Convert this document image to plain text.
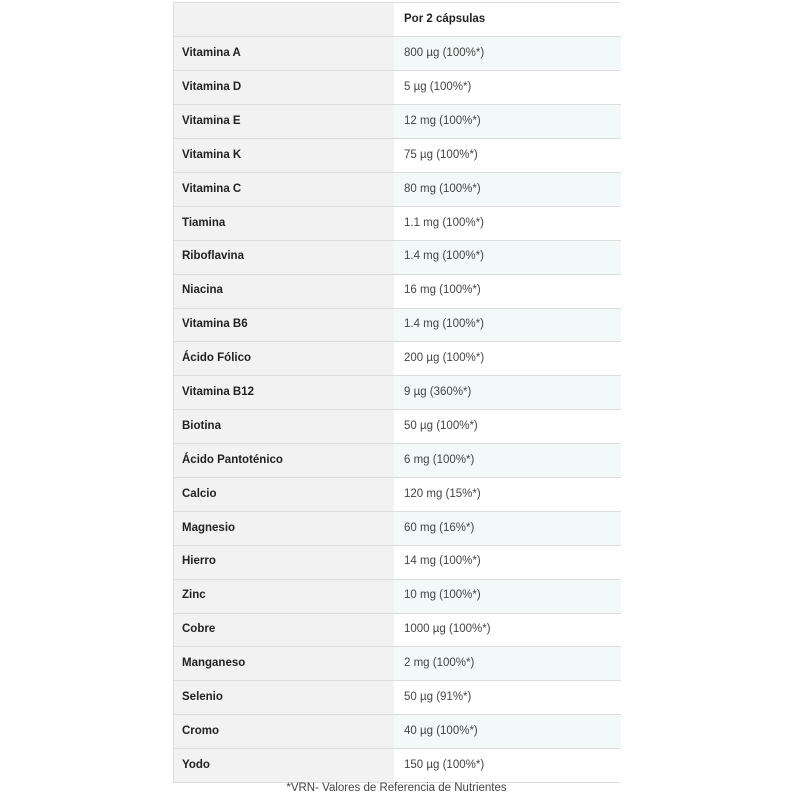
	Por 2 cápsulas
Vitamina A	800 µg (100%*)
Vitamina D	5 µg (100%*)
Vitamina E	12 mg (100%*)
Vitamina K	75 µg (100%*)
Vitamina C	80 mg (100%*)
Tiamina	1.1 mg (100%*)
Riboflavina	1.4 mg (100%*)
Niacina	16 mg (100%*)
Vitamina B6	1.4 mg (100%*)
Ácido Fólico	200 µg (100%*)
Vitamina B12	9 µg (360%*)
Biotina	50 µg (100%*)
Ácido Pantoténico	6 mg (100%*)
Calcio	120 mg (15%*)
Magnesio	60 mg (16%*)
Hierro	14 mg (100%*)
Zinc	10 mg (100%*)
Cobre	1000 µg (100%*)
Manganeso	2 mg (100%*)
Selenio	50 µg (91%*)
Cromo	40 µg (100%*)
Yodo	150 µg (100%*)
*VRN- Valores de Referencia de Nutrientes
